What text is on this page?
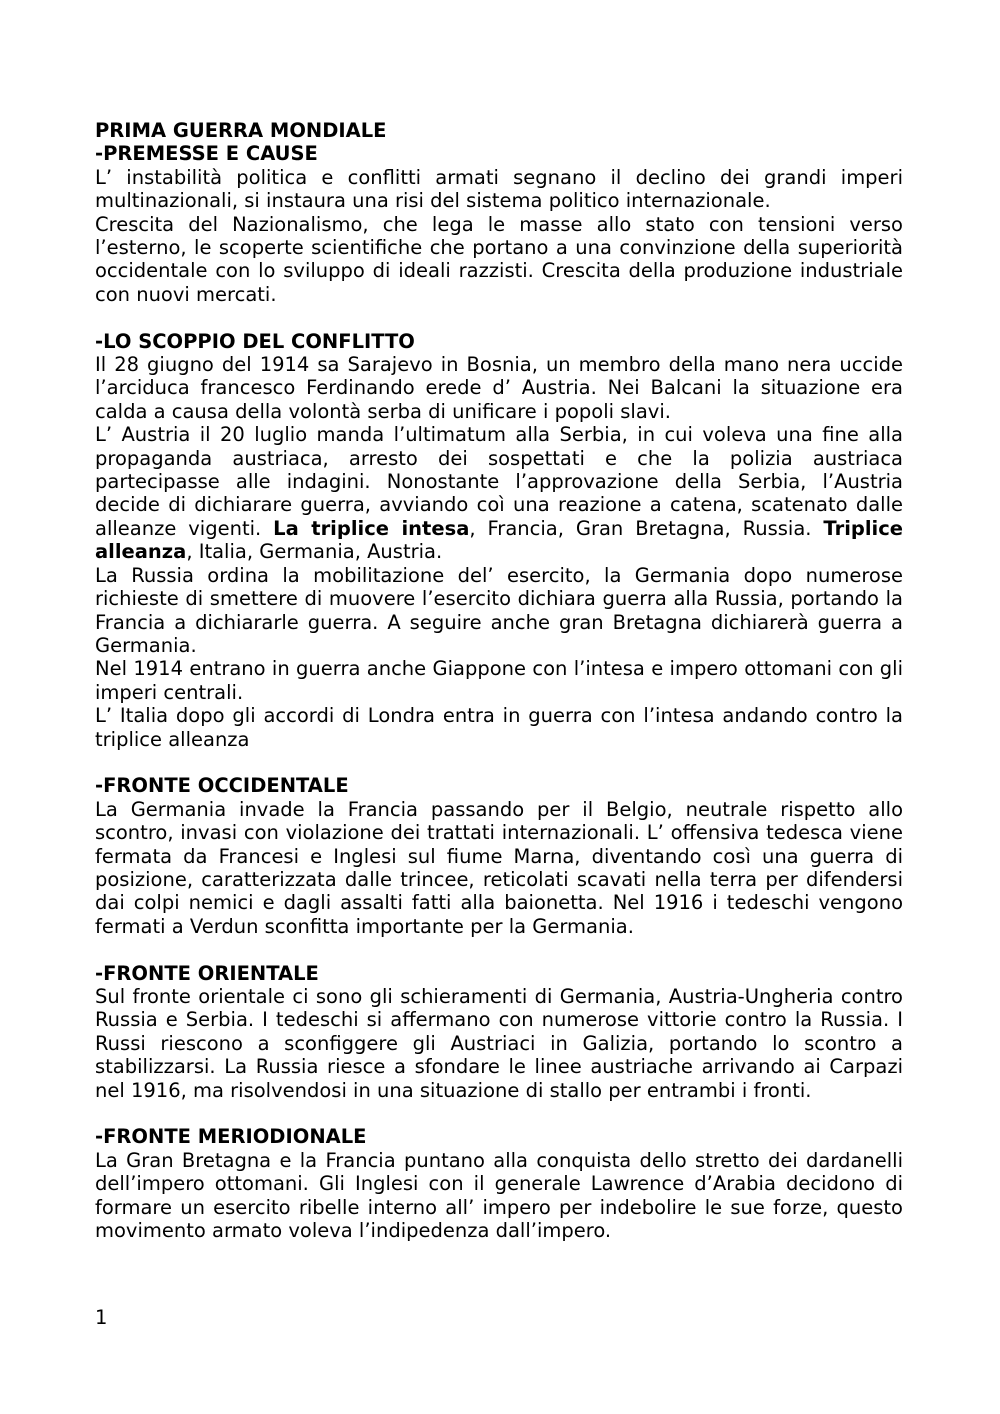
PRIMA GUERRA MONDIALE
-PREMESSE E CAUSE

L’ instabilità politica e conflitti armati segnano il declino dei grandi imperi multinazionali, si instaura una risi del sistema politico internazionale.

Crescita del Nazionalismo, che lega le masse allo stato con tensioni verso l’esterno, le scoperte scientifiche che portano a una convinzione della superiorità occidentale con lo sviluppo di ideali razzisti. Crescita della produzione industriale con nuovi mercati.

-LO SCOPPIO DEL CONFLITTO

Il 28 giugno del 1914 sa Sarajevo in Bosnia, un membro della mano nera uccide l’arciduca francesco Ferdinando erede d’ Austria. Nei Balcani la situazione era calda a causa della volontà serba di unificare i popoli slavi.

L’ Austria il 20 luglio manda l’ultimatum alla Serbia, in cui voleva una fine alla propaganda austriaca, arresto dei sospettati e che la polizia austriaca partecipasse alle indagini. Nonostante l’approvazione della Serbia, l’Austria decide di dichiarare guerra, avviando coì una reazione a catena, scatenato dalle alleanze vigenti. La triplice intesa, Francia, Gran Bretagna, Russia. Triplice alleanza, Italia, Germania, Austria.

La Russia ordina la mobilitazione del’ esercito, la Germania dopo numerose richieste di smettere di muovere l’esercito dichiara guerra alla Russia, portando la Francia a dichiararle guerra. A seguire anche gran Bretagna dichiarerà guerra a Germania.

Nel 1914 entrano in guerra anche Giappone con l’intesa e impero ottomani con gli imperi centrali.

L’ Italia dopo gli accordi di Londra entra in guerra con l’intesa andando contro la triplice alleanza

-FRONTE OCCIDENTALE

La Germania invade la Francia passando per il Belgio, neutrale rispetto allo scontro, invasi con violazione dei trattati internazionali. L’ offensiva tedesca viene fermata da Francesi e Inglesi sul fiume Marna, diventando così una guerra di posizione, caratterizzata dalle trincee, reticolati scavati nella terra per difendersi dai colpi nemici e dagli assalti fatti alla baionetta. Nel 1916 i tedeschi vengono fermati a Verdun sconfitta importante per la Germania.

-FRONTE ORIENTALE

Sul fronte orientale ci sono gli schieramenti di Germania, Austria-Ungheria contro Russia e Serbia. I tedeschi si affermano con numerose vittorie contro la Russia. I Russi riescono a sconfiggere gli Austriaci in Galizia, portando lo scontro a stabilizzarsi. La Russia riesce a sfondare le linee austriache arrivando ai Carpazi nel 1916, ma risolvendosi in una situazione di stallo per entrambi i fronti.

-FRONTE MERIODIONALE

La Gran Bretagna e la Francia puntano alla conquista dello stretto dei dardanelli dell’impero ottomani. Gli Inglesi con il generale Lawrence d’Arabia decidono di formare un esercito ribelle interno all’ impero per indebolire le sue forze, questo movimento armato voleva l’indipedenza dall’impero.

1
